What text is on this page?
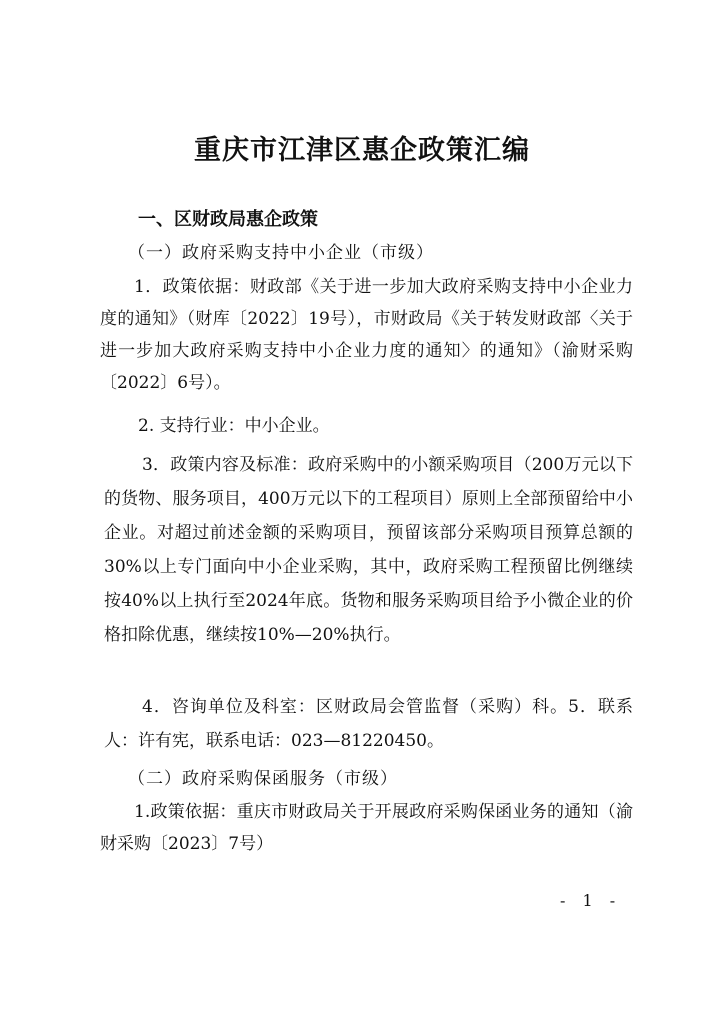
重庆市江津区惠企政策汇编
一、区财政局惠企政策
（一）政府采购支持中小企业（市级）
1．政策依据：财政部《关于进一步加大政府采购支持中小企业力度的通知》（财库〔2022〕19号），市财政局《关于转发财政部〈关于进一步加大政府采购支持中小企业力度的通知〉的通知》（渝财采购〔2022〕6号）。
2. 支持行业：中小企业。
3．政策内容及标准：政府采购中的小额采购项目（200万元以下的货物、服务项目，400万元以下的工程项目）原则上全部预留给中小企业。对超过前述金额的采购项目，预留该部分采购项目预算总额的30%以上专门面向中小企业采购，其中，政府采购工程预留比例继续按40%以上执行至2024年底。货物和服务采购项目给予小微企业的价格扣除优惠，继续按10%—20%执行。
4．咨询单位及科室：区财政局会管监督（采购）科。5．联系人：许有宪，联系电话：023—81220450。
（二）政府采购保函服务（市级）
1.政策依据：重庆市财政局关于开展政府采购保函业务的通知（渝财采购〔2023〕7号）
- 1 -
